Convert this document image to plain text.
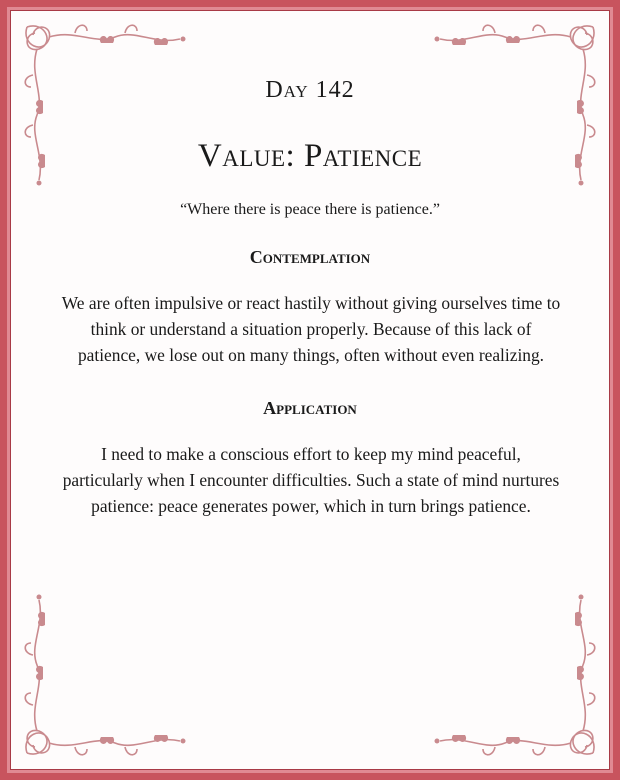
Day 142
Value: Patience
“Where there is peace there is patience.”
Contemplation
We are often impulsive or react hastily without giving ourselves time to think or understand a situation properly. Because of this lack of patience, we lose out on many things, often without even realizing.
Application
I need to make a conscious effort to keep my mind peaceful, particularly when I encounter difficulties. Such a state of mind nurtures patience: peace generates power, which in turn brings patience.
